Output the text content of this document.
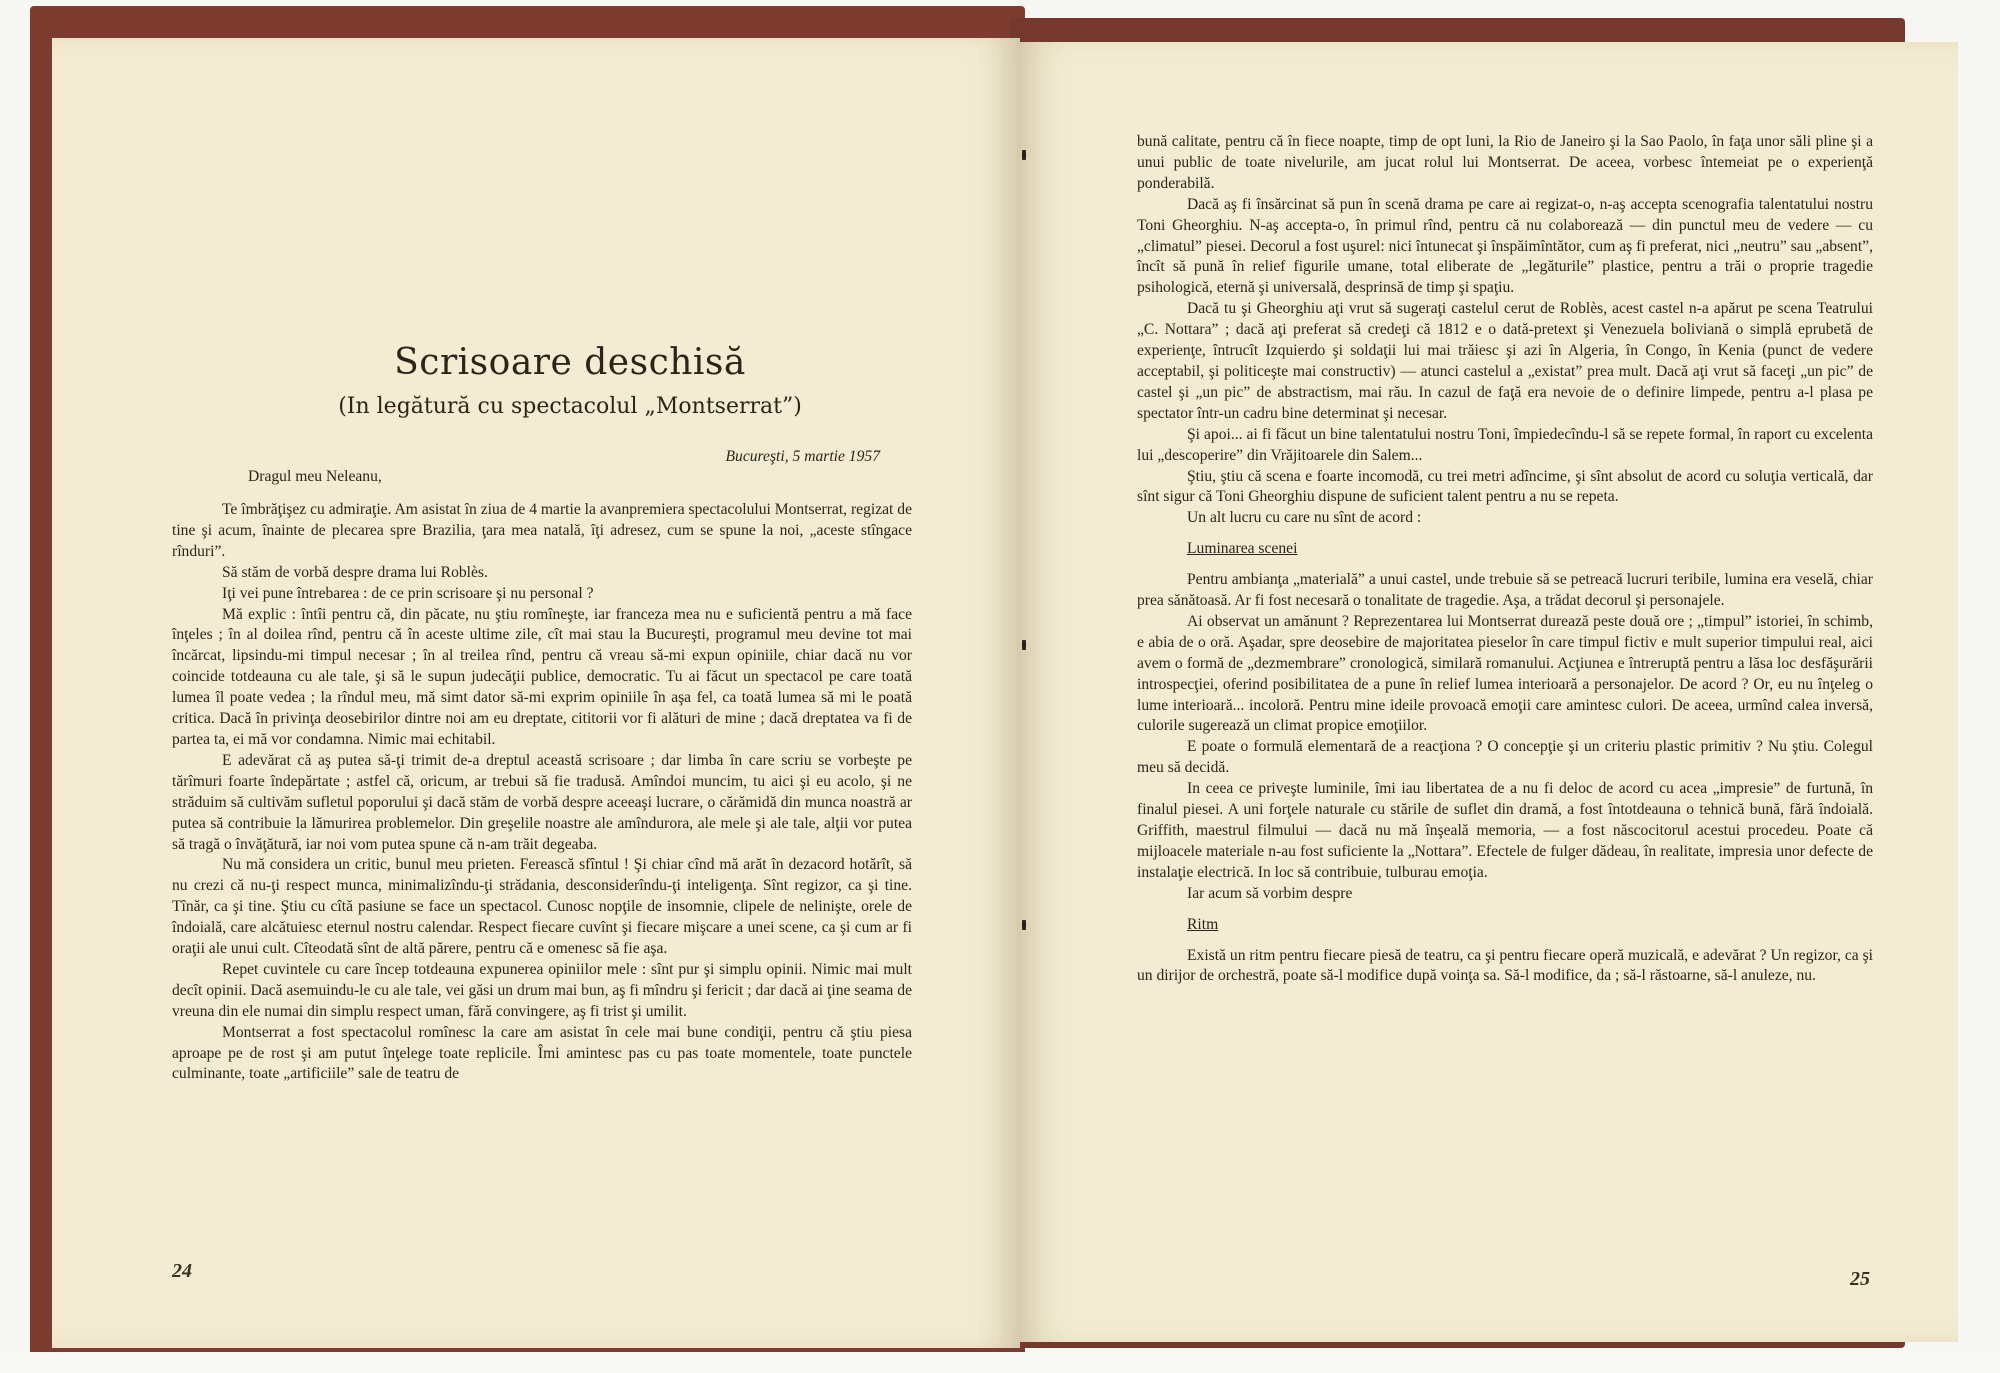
Scrisoare deschisă
(In legătură cu spectacolul „Montserrat”)
Bucureşti, 5 martie 1957
Dragul meu Neleanu,

Te îmbrăţişez cu admiraţie. Am asistat în ziua de 4 martie la avanpremiera spectacolului Montserrat, regizat de tine şi acum, înainte de plecarea spre Brazilia, ţara mea natală, îţi adresez, cum se spune la noi, „aceste stîngace rînduri”.

Să stăm de vorbă despre drama lui Roblès.

Iţi vei pune întrebarea : de ce prin scrisoare şi nu personal ?

Mă explic : întîi pentru că, din păcate, nu ştiu romîneşte, iar franceza mea nu e suficientă pentru a mă face înţeles ; în al doilea rînd, pentru că în aceste ultime zile, cît mai stau la Bucureşti, programul meu devine tot mai încărcat, lipsindu-mi timpul necesar ; în al treilea rînd, pentru că vreau să-mi expun opiniile, chiar dacă nu vor coincide totdeauna cu ale tale, şi să le supun judecăţii publice, democratic. Tu ai făcut un spectacol pe care toată lumea îl poate vedea ; la rîndul meu, mă simt dator să-mi exprim opiniile în aşa fel, ca toată lumea să mi le poată critica. Dacă în privinţa deosebirilor dintre noi am eu dreptate, cititorii vor fi alături de mine ; dacă dreptatea va fi de partea ta, ei mă vor condamna. Nimic mai echitabil.

E adevărat că aş putea să-ţi trimit de-a dreptul această scrisoare ; dar limba în care scriu se vorbeşte pe tărîmuri foarte îndepărtate ; astfel că, oricum, ar trebui să fie tradusă. Amîndoi muncim, tu aici şi eu acolo, şi ne străduim să cultivăm sufletul poporului şi dacă stăm de vorbă despre aceeaşi lucrare, o cărămidă din munca noastră ar putea să contribuie la lămurirea problemelor. Din greşelile noastre ale amîndurora, ale mele şi ale tale, alţii vor putea să tragă o învăţătură, iar noi vom putea spune că n-am trăit degeaba.

Nu mă considera un critic, bunul meu prieten. Ferească sfîntul ! Şi chiar cînd mă arăt în dezacord hotărît, să nu crezi că nu-ţi respect munca, minimalizîndu-ţi strădania, desconsiderîndu-ţi inteligenţa. Sînt regizor, ca şi tine. Tînăr, ca şi tine. Ştiu cu cîtă pasiune se face un spectacol. Cunosc nopţile de insomnie, clipele de nelinişte, orele de îndoială, care alcătuiesc eternul nostru calendar. Respect fiecare cuvînt şi fiecare mişcare a unei scene, ca şi cum ar fi oraţii ale unui cult. Cîteodată sînt de altă părere, pentru că e omenesc să fie aşa.

Repet cuvintele cu care încep totdeauna expunerea opiniilor mele : sînt pur şi simplu opinii. Nimic mai mult decît opinii. Dacă asemuindu-le cu ale tale, vei găsi un drum mai bun, aş fi mîndru şi fericit ; dar dacă ai ţine seama de vreuna din ele numai din simplu respect uman, fără convingere, aş fi trist şi umilit.

Montserrat a fost spectacolul romînesc la care am asistat în cele mai bune condiţii, pentru că ştiu piesa aproape pe de rost şi am putut înţelege toate replicile. Îmi amintesc pas cu pas toate momentele, toate punctele culminante, toate „artificiile” sale de teatru de

24

bună calitate, pentru că în fiece noapte, timp de opt luni, la Rio de Janeiro şi la Sao Paolo, în faţa unor săli pline şi a unui public de toate nivelurile, am jucat rolul lui Montserrat. De aceea, vorbesc întemeiat pe o experienţă ponderabilă.

Dacă aş fi însărcinat să pun în scenă drama pe care ai regizat-o, n-aş accepta scenografia talentatului nostru Toni Gheorghiu. N-aş accepta-o, în primul rînd, pentru că nu colaborează — din punctul meu de vedere — cu „climatul” piesei. Decorul a fost uşurel: nici întunecat şi înspăimîntător, cum aş fi preferat, nici „neutru” sau „absent”, încît să pună în relief figurile umane, total eliberate de „legăturile” plastice, pentru a trăi o proprie tragedie psihologică, eternă şi universală, desprinsă de timp şi spaţiu.

Dacă tu şi Gheorghiu aţi vrut să sugeraţi castelul cerut de Roblès, acest castel n-a apărut pe scena Teatrului „C. Nottara” ; dacă aţi preferat să credeţi că 1812 e o dată-pretext şi Venezuela boliviană o simplă eprubetă de experienţe, întrucît Izquierdo şi soldaţii lui mai trăiesc şi azi în Algeria, în Congo, în Kenia (punct de vedere acceptabil, şi politiceşte mai constructiv) — atunci castelul a „existat” prea mult. Dacă aţi vrut să faceţi „un pic” de castel şi „un pic” de abstractism, mai rău. In cazul de faţă era nevoie de o definire limpede, pentru a-l plasa pe spectator într-un cadru bine determinat şi necesar.

Şi apoi... ai fi făcut un bine talentatului nostru Toni, împiedecîndu-l să se repete formal, în raport cu excelenta lui „descoperire” din Vrăjitoarele din Salem...

Ştiu, ştiu că scena e foarte incomodă, cu trei metri adîncime, şi sînt absolut de acord cu soluţia verticală, dar sînt sigur că Toni Gheorghiu dispune de suficient talent pentru a nu se repeta.

Un alt lucru cu care nu sînt de acord :

Luminarea scenei

Pentru ambianţa „materială” a unui castel, unde trebuie să se petreacă lucruri teribile, lumina era veselă, chiar prea sănătoasă. Ar fi fost necesară o tonalitate de tragedie. Aşa, a trădat decorul şi personajele.

Ai observat un amănunt ? Reprezentarea lui Montserrat durează peste două ore ; „timpul” istoriei, în schimb, e abia de o oră. Aşadar, spre deosebire de majoritatea pieselor în care timpul fictiv e mult superior timpului real, aici avem o formă de „dezmembrare” cronologică, similară romanului. Acţiunea e întreruptă pentru a lăsa loc desfăşurării introspecţiei, oferind posibilitatea de a pune în relief lumea interioară a personajelor. De acord ? Or, eu nu înţeleg o lume interioară... incoloră. Pentru mine ideile provoacă emoţii care amintesc culori. De aceea, urmînd calea inversă, culorile sugerează un climat propice emoţiilor.

E poate o formulă elementară de a reacţiona ? O concepţie şi un criteriu plastic primitiv ? Nu ştiu. Colegul meu să decidă.

In ceea ce priveşte luminile, îmi iau libertatea de a nu fi deloc de acord cu acea „impresie” de furtună, în finalul piesei. A uni forţele naturale cu stările de suflet din dramă, a fost întotdeauna o tehnică bună, fără îndoială. Griffith, maestrul filmului — dacă nu mă înşeală memoria, — a fost născocitorul acestui procedeu. Poate că mijloacele materiale n-au fost suficiente la „Nottara”. Efectele de fulger dădeau, în realitate, impresia unor defecte de instalaţie electrică. In loc să contribuie, tulburau emoţia.

Iar acum să vorbim despre

Ritm

Există un ritm pentru fiecare piesă de teatru, ca şi pentru fiecare operă muzicală, e adevărat ? Un regizor, ca şi un dirijor de orchestră, poate să-l modifice după voinţa sa. Să-l modifice, da ; să-l răstoarne, să-l anuleze, nu.

25
